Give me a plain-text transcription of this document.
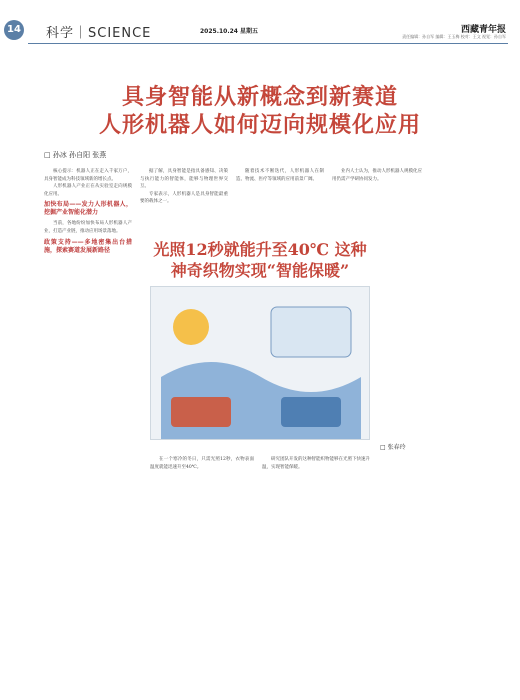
14 科学｜SCIENCE	2025.10.24 星期五	西藏青年报
责任编辑：孙自军 编辑：王玉梅 校对：王文 视觉：孙自军
具身智能从新概念到新赛道
人形机器人如何迈向规模化应用
□ 孙冰 孙自阳 张燕

核心提示：机器人正在走入千家万户，具身智能成为科技领域新的增长点。

人形机器人产业正在从实验室走向规模化应用。

加快布局——发力人形机器人，挖掘产业智能化潜力

当前，各地纷纷加快布局人形机器人产业，打造产业链，推动应用场景落地。

政策支持——多地密集出台措施，探索赛道发展新路径

据了解，具身智能是指具备感知、决策与执行能力的智能体，能够与物理世界交互。

专家表示，人形机器人是具身智能最重要的载体之一。

随着技术不断迭代，人形机器人在制造、物流、医疗等领域的应用前景广阔。

业内人士认为，推动人形机器人规模化应用仍需产学研协同发力。

光照12秒就能升至40℃ 这种
神奇织物实现“智能保暖”
□ 张春玲

在一个寒冷的冬日，只需光照12秒，衣物表面温度就能迅速升至40℃。

研究团队开发的这种智能织物能够在光照下快速升温，实现智能保暖。
